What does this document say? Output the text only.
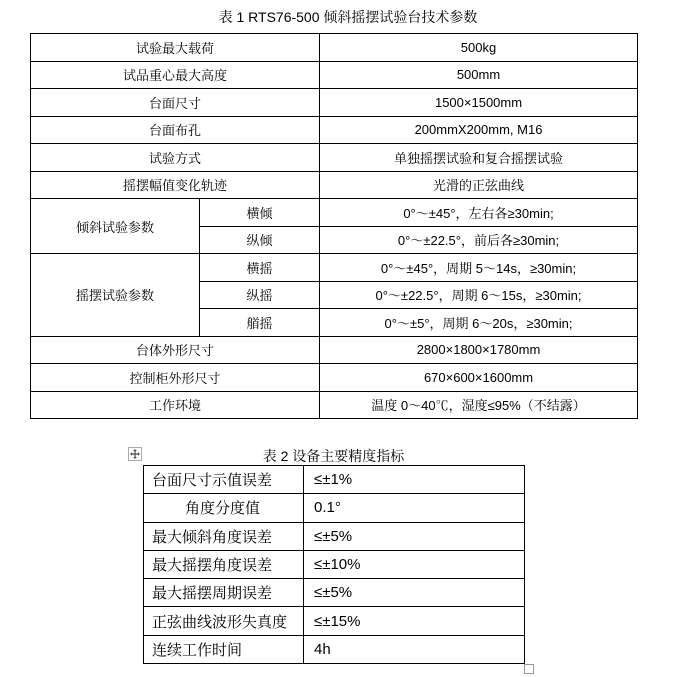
表 1 RTS76-500 倾斜摇摆试验台技术参数
试验最大载荷		500kg
试品重心最大高度		500mm
台面尺寸		1500×1500mm
台面布孔		200mmX200mm, M16
试验方式		单独摇摆试验和复合摇摆试验
摇摆幅值变化轨迹		光滑的正弦曲线
倾斜试验参数	横倾	0°～±45°，左右各≥30min;
	纵倾	0°～±22.5°，前后各≥30min;
摇摆试验参数	横摇	0°～±45°，周期 5～14s，≥30min;
	纵摇	0°～±22.5°，周期 6～15s，≥30min;
	艏摇	0°～±5°，周期 6～20s，≥30min;
台体外形尺寸		2800×1800×1780mm
控制柜外形尺寸		670×600×1600mm
工作环境		温度 0～40℃，湿度≤95%（不结露）
表 2 设备主要精度指标
台面尺寸示值误差	≤±1%
角度分度值	0.1°
最大倾斜角度误差	≤±5%
最大摇摆角度误差	≤±10%
最大摇摆周期误差	≤±5%
正弦曲线波形失真度	≤±15%
连续工作时间	4h
